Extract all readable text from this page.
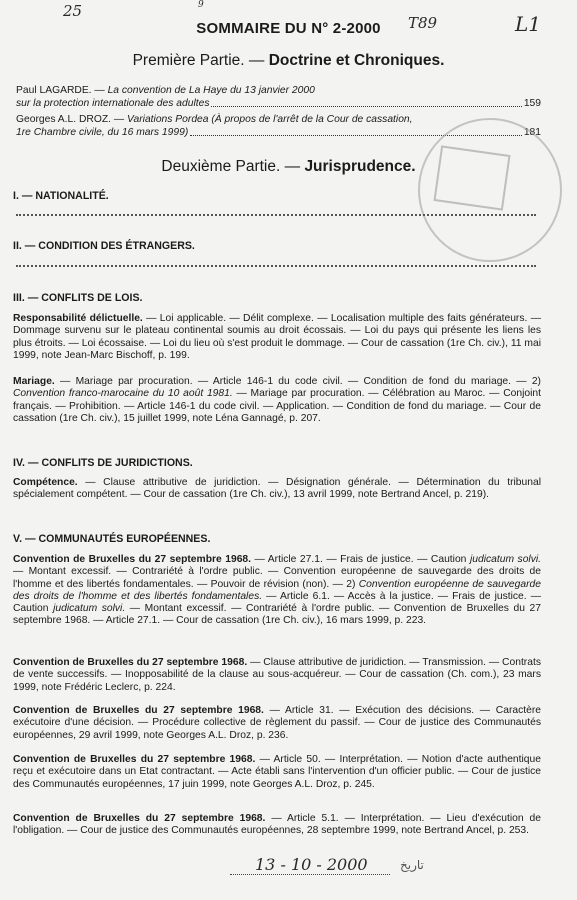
25	9
T89	L1
SOMMAIRE DU N° 2-2000
Première Partie. — Doctrine et Chroniques.
Paul LAGARDE. — La convention de La Haye du 13 janvier 2000
sur la protection internationale des adultes	159
Georges A.L. DROZ. — Variations Pordea (À propos de l'arrêt de la Cour de cassation,
1re Chambre civile, du 16 mars 1999)	181
Deuxième Partie. — Jurisprudence.
I. — NATIONALITÉ.
II. — CONDITION DES ÉTRANGERS.
III. — CONFLITS DE LOIS.
Responsabilité délictuelle. — Loi applicable. — Délit complexe. — Localisation multiple des faits générateurs. — Dommage survenu sur le plateau continental soumis au droit écossais. — Loi du pays qui présente les liens les plus étroits. — Loi écossaise. — Loi du lieu où s'est produit le dommage. — Cour de cassation (1re Ch. civ.), 11 mai 1999, note Jean-Marc Bischoff, p. 199.
Mariage. — Mariage par procuration. — Article 146-1 du code civil. — Condition de fond du mariage. — 2) Convention franco-marocaine du 10 août 1981. — Mariage par procuration. — Célébration au Maroc. — Conjoint français. — Prohibition. — Article 146-1 du code civil. — Application. — Condition de fond du mariage. — Cour de cassation (1re Ch. civ.), 15 juillet 1999, note Léna Gannagé, p. 207.
IV. — CONFLITS DE JURIDICTIONS.
Compétence. — Clause attributive de juridiction. — Désignation générale. — Détermination du tribunal spécialement compétent. — Cour de cassation (1re Ch. civ.), 13 avril 1999, note Bertrand Ancel, p. 219).
V. — COMMUNAUTÉS EUROPÉENNES.
Convention de Bruxelles du 27 septembre 1968. — Article 27.1. — Frais de justice. — Caution judicatum solvi. — Montant excessif. — Contrariété à l'ordre public. — Convention européenne de sauvegarde des droits de l'homme et des libertés fondamentales. — Pouvoir de révision (non). — 2) Convention européenne de sauvegarde des droits de l'homme et des libertés fondamentales. — Article 6.1. — Accès à la justice. — Frais de justice. — Caution judicatum solvi. — Montant excessif. — Contrariété à l'ordre public. — Convention de Bruxelles du 27 septembre 1968. — Article 27.1. — Cour de cassation (1re Ch. civ.), 16 mars 1999, p. 223.
Convention de Bruxelles du 27 septembre 1968. — Clause attributive de juridiction. — Transmission. — Contrats de vente successifs. — Inopposabilité de la clause au sous-acquéreur. — Cour de cassation (Ch. com.), 23 mars 1999, note Frédéric Leclerc, p. 224.
Convention de Bruxelles du 27 septembre 1968. — Article 31. — Exécution des décisions. — Caractère exécutoire d'une décision. — Procédure collective de règlement du passif. — Cour de justice des Communautés européennes, 29 avril 1999, note Georges A.L. Droz, p. 236.
Convention de Bruxelles du 27 septembre 1968. — Article 50. — Interprétation. — Notion d'acte authentique reçu et exécutoire dans un Etat contractant. — Acte établi sans l'intervention d'un officier public. — Cour de justice des Communautés européennes, 17 juin 1999, note Georges A.L. Droz, p. 245.
Convention de Bruxelles du 27 septembre 1968. — Article 5.1. — Interprétation. — Lieu d'exécution de l'obligation. — Cour de justice des Communautés européennes, 28 septembre 1999, note Bertrand Ancel, p. 253.
13 - 10 - 2000	تاريخ
